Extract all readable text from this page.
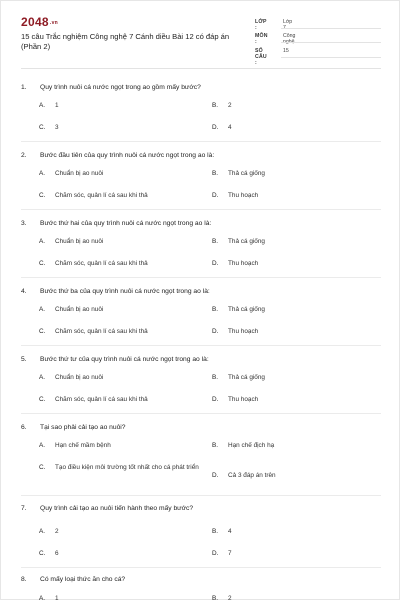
2048.vn
15 câu Trắc nghiệm Công nghệ 7 Cánh diều Bài 12 có đáp án (Phần 2)
LỚP :
Lớp 7
MÔN :
Công nghệ
SỐ CÂU :
15
1. Quy trình nuôi cá nước ngọt trong ao gồm mấy bước?
A. 1	B. 2
C. 3	D. 4
2. Bước đầu tiên của quy trình nuôi cá nước ngọt trong ao là:
A. Chuẩn bị ao nuôi	B. Thả cá giống
C. Chăm sóc, quản lí cá sau khi thả	D. Thu hoạch
3. Bước thứ hai của quy trình nuôi cá nước ngọt trong ao là:
A. Chuẩn bị ao nuôi	B. Thả cá giống
C. Chăm sóc, quản lí cá sau khi thả	D. Thu hoạch
4. Bước thứ ba của quy trình nuôi cá nước ngọt trong ao là:
A. Chuẩn bị ao nuôi	B. Thả cá giống
C. Chăm sóc, quản lí cá sau khi thả	D. Thu hoạch
5. Bước thứ tư của quy trình nuôi cá nước ngọt trong ao là:
A. Chuẩn bị ao nuôi	B. Thả cá giống
C. Chăm sóc, quản lí cá sau khi thả	D. Thu hoạch
6. Tại sao phải cải tạo ao nuôi?
A. Hạn chế mầm bệnh	B. Hạn chế địch hạ
C.	Tạo điều kiện môi trường tốt nhất cho cá phát triển
D. Cả 3 đáp án trên
7. Quy trình cải tạo ao nuôi tiến hành theo mấy bước?
A. 2	B. 4
C. 6	D. 7
8. Có mấy loại thức ăn cho cá?
A. 1	B. 2
